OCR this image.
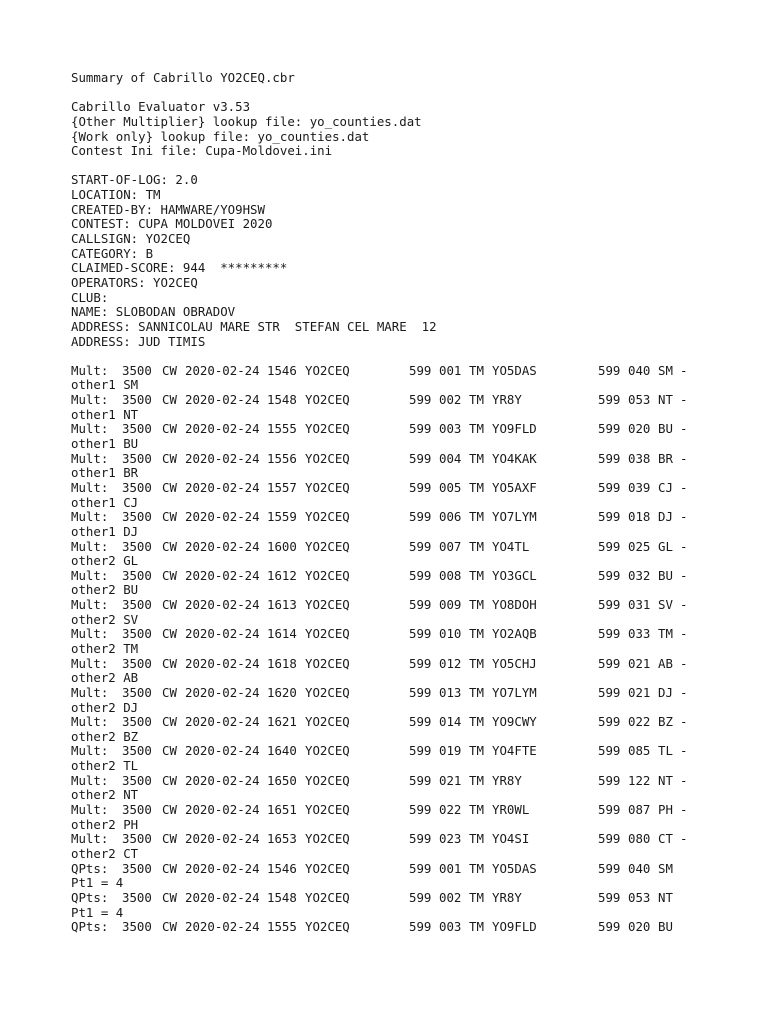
Summary of Cabrillo YO2CEQ.cbr
Cabrillo Evaluator v3.53
{Other Multiplier} lookup file: yo_counties.dat
{Work only} lookup file: yo_counties.dat
Contest Ini file: Cupa-Moldovei.ini
START-OF-LOG: 2.0
LOCATION: TM
CREATED-BY: HAMWARE/YO9HSW
CONTEST: CUPA MOLDOVEI 2020
CALLSIGN: YO2CEQ
CATEGORY: B
CLAIMED-SCORE: 944  *********
OPERATORS: YO2CEQ
CLUB:
NAME: SLOBODAN OBRADOV
ADDRESS: SANNICOLAU MARE STR  STEFAN CEL MARE  12
ADDRESS: JUD TIMIS
Mult: 3500 CW 2020-02-24 1546 YO2CEQ	599 001 TM YO5DAS	599 040 SM -
other1 SM
Mult: 3500 CW 2020-02-24 1548 YO2CEQ	599 002 TM YR8Y	599 053 NT -
other1 NT
Mult: 3500 CW 2020-02-24 1555 YO2CEQ	599 003 TM YO9FLD	599 020 BU -
other1 BU
Mult: 3500 CW 2020-02-24 1556 YO2CEQ	599 004 TM YO4KAK	599 038 BR -
other1 BR
Mult: 3500 CW 2020-02-24 1557 YO2CEQ	599 005 TM YO5AXF	599 039 CJ -
other1 CJ
Mult: 3500 CW 2020-02-24 1559 YO2CEQ	599 006 TM YO7LYM	599 018 DJ -
other1 DJ
Mult: 3500 CW 2020-02-24 1600 YO2CEQ	599 007 TM YO4TL	599 025 GL -
other2 GL
Mult: 3500 CW 2020-02-24 1612 YO2CEQ	599 008 TM YO3GCL	599 032 BU -
other2 BU
Mult: 3500 CW 2020-02-24 1613 YO2CEQ	599 009 TM YO8DOH	599 031 SV -
other2 SV
Mult: 3500 CW 2020-02-24 1614 YO2CEQ	599 010 TM YO2AQB	599 033 TM -
other2 TM
Mult: 3500 CW 2020-02-24 1618 YO2CEQ	599 012 TM YO5CHJ	599 021 AB -
other2 AB
Mult: 3500 CW 2020-02-24 1620 YO2CEQ	599 013 TM YO7LYM	599 021 DJ -
other2 DJ
Mult: 3500 CW 2020-02-24 1621 YO2CEQ	599 014 TM YO9CWY	599 022 BZ -
other2 BZ
Mult: 3500 CW 2020-02-24 1640 YO2CEQ	599 019 TM YO4FTE	599 085 TL -
other2 TL
Mult: 3500 CW 2020-02-24 1650 YO2CEQ	599 021 TM YR8Y	599 122 NT -
other2 NT
Mult: 3500 CW 2020-02-24 1651 YO2CEQ	599 022 TM YR0WL	599 087 PH -
other2 PH
Mult: 3500 CW 2020-02-24 1653 YO2CEQ	599 023 TM YO4SI	599 080 CT -
other2 CT
QPts: 3500 CW 2020-02-24 1546 YO2CEQ	599 001 TM YO5DAS	599 040 SM
Pt1 = 4
QPts: 3500 CW 2020-02-24 1548 YO2CEQ	599 002 TM YR8Y	599 053 NT
Pt1 = 4
QPts: 3500 CW 2020-02-24 1555 YO2CEQ	599 003 TM YO9FLD	599 020 BU
